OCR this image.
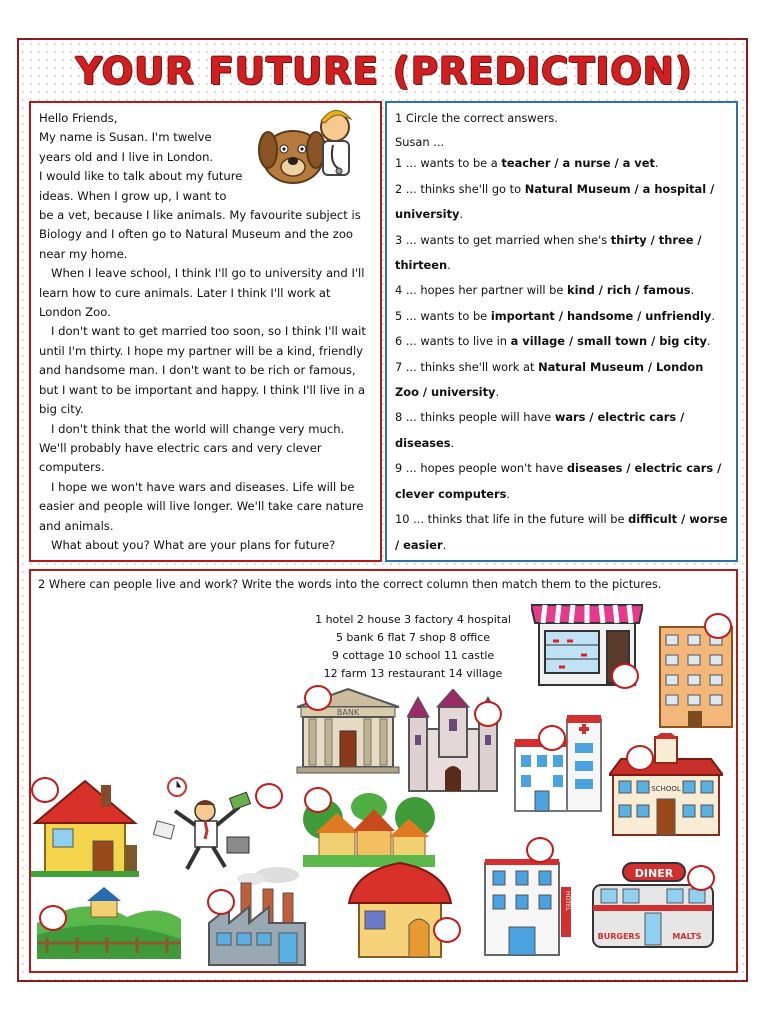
YOUR FUTURE (PREDICTION)

Hello Friends,

My name is Susan. I'm twelve

years old and I live in London.

I would like to talk about my future

ideas. When I grow up, I want to

be a vet, because I like animals. My favourite subject is Biology and I often go to Natural Museum and the zoo near my home.

When I leave school, I think I'll go to university and I'll learn how to cure animals. Later I think I'll work at London Zoo.

I don't want to get married too soon, so I think I'll wait until I'm thirty. I hope my partner will be a kind, friendly and handsome man. I don't want to be rich or famous, but I want to be important and happy. I think I'll live in a big city.

I don't think that the world will change very much. We'll probably have electric cars and very clever computers.

I hope we won't have wars and diseases. Life will be easier and people will live longer. We'll take care nature and animals.

What about you? What are your plans for future?

1 Circle the correct answers.

Susan ...

1 ... wants to be a teacher / a nurse / a vet.

2 ... thinks she'll go to Natural Museum / a hospital / university.

3 ... wants to get married when she's thirty / three / thirteen.

4 ... hopes her partner will be kind / rich / famous.

5 ... wants to be important / handsome / unfriendly.

6 ... wants to live in a village / small town / big city.

7 ... thinks she'll work at Natural Museum / London Zoo / university.

8 ... thinks people will have wars / electric cars / diseases.

9 ... hopes people won't have diseases / electric cars / clever computers.

10 ... thinks that life in the future will be difficult / worse / easier.

2 Where can people live and work? Write the words into the correct column then match them to the pictures.
1 hotel 2 house 3 factory 4 hospital
5 bank 6 flat 7 shop 8 office
9 cottage 10 school 11 castle
12 farm 13 restaurant 14 village
BANK
SCHOOL
HOTEL
DINER
BURGERS	MALTS
